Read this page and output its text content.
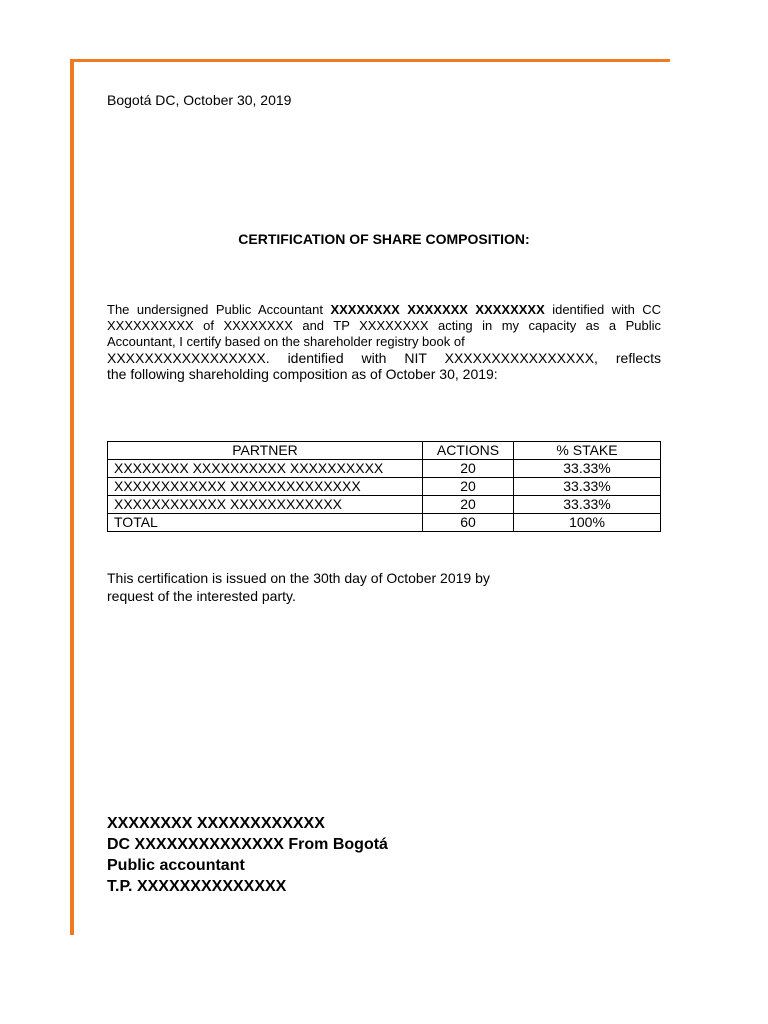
Bogotá DC, October 30, 2019
CERTIFICATION OF SHARE COMPOSITION:

The undersigned Public Accountant XXXXXXXX XXXXXXX XXXXXXXX identified with CC XXXXXXXXXX of XXXXXXXX and TP XXXXXXXX acting in my capacity as a Public Accountant, I certify based on the shareholder registry book of
XXXXXXXXXXXXXXXXX. identified with NIT XXXXXXXXXXXXXXXX, reflects
the following shareholding composition as of October 30, 2019:

PARTNER	ACTIONS	% STAKE
XXXXXXXX XXXXXXXXXX XXXXXXXXXX	20	33.33%
XXXXXXXXXXXX XXXXXXXXXXXXXX	20	33.33%
XXXXXXXXXXXX XXXXXXXXXXXX	20	33.33%
TOTAL	60	100%

This certification is issued on the 30th day of October 2019 by request of the interested party.

XXXXXXXX XXXXXXXXXXXX
DC XXXXXXXXXXXXXX From Bogotá
Public accountant
T.P. XXXXXXXXXXXXXX
